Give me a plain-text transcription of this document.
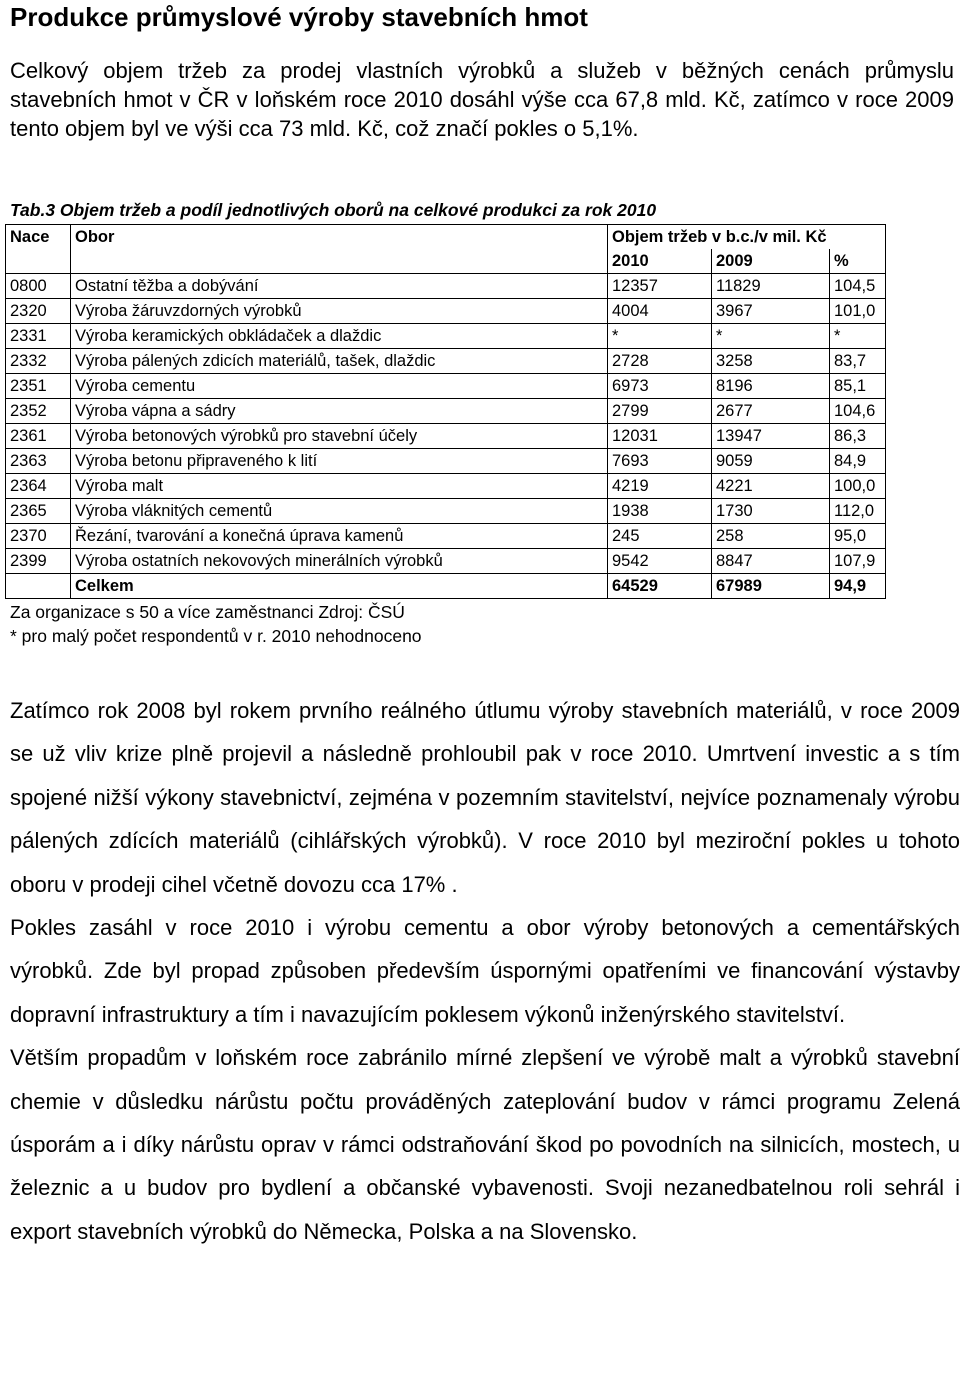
Produkce průmyslové výroby stavebních hmot

Celkový objem tržeb za prodej vlastních výrobků a služeb v běžných cenách průmyslu stavebních hmot v ČR v loňském roce 2010 dosáhl výše cca 67,8 mld. Kč, zatímco v roce 2009 tento objem byl ve výši cca 73 mld. Kč, což značí pokles o 5,1%.

Tab.3 Objem tržeb a podíl jednotlivých oborů na celkové produkci za rok 2010
Nace	Obor	Objem tržeb v b.c./v mil. Kč		
		2010	2009	%
0800	Ostatní těžba a dobývání	12357	11829	104,5
2320	Výroba žáruvzdorných výrobků	4004	3967	101,0
2331	Výroba keramických obkládaček a dlaždic	*	*	*
2332	Výroba pálených zdicích materiálů, tašek, dlaždic	2728	3258	83,7
2351	Výroba cementu	6973	8196	85,1
2352	Výroba vápna a sádry	2799	2677	104,6
2361	Výroba betonových výrobků pro stavební účely	12031	13947	86,3
2363	Výroba betonu připraveného k lití	7693	9059	84,9
2364	Výroba malt	4219	4221	100,0
2365	Výroba vláknitých cementů	1938	1730	112,0
2370	Řezání, tvarování a konečná úprava kamenů	245	258	95,0
2399	Výroba ostatních nekovových minerálních výrobků	9542	8847	107,9
	Celkem	64529	67989	94,9
Za organizace s 50 a více zaměstnanci Zdroj: ČSÚ
* pro malý počet respondentů v r. 2010 nehodnoceno

Zatímco rok 2008 byl rokem prvního reálného útlumu výroby stavebních materiálů, v roce 2009 se už vliv krize plně projevil a následně prohloubil pak v roce 2010. Umrtvení investic a s tím spojené nižší výkony stavebnictví, zejména v pozemním stavitelství, nejvíce poznamenaly výrobu pálených zdících materiálů (cihlářských výrobků). V roce 2010 byl meziroční pokles u tohoto oboru v prodeji cihel včetně dovozu cca 17% .

Pokles zasáhl v roce 2010 i výrobu cementu a obor výroby betonových a cementářských výrobků. Zde byl propad způsoben především úspornými opatřeními ve financování výstavby dopravní infrastruktury a tím i navazujícím poklesem výkonů inženýrského stavitelství.

Větším propadům v loňském roce zabránilo mírné zlepšení ve výrobě malt a výrobků stavební chemie v důsledku nárůstu počtu prováděných zateplování budov v rámci programu Zelená úsporám a i díky nárůstu oprav v rámci odstraňování škod po povodních na silnicích, mostech, u železnic a u budov pro bydlení a občanské vybavenosti. Svoji nezanedbatelnou roli sehrál i export stavebních výrobků do Německa, Polska a na Slovensko.
